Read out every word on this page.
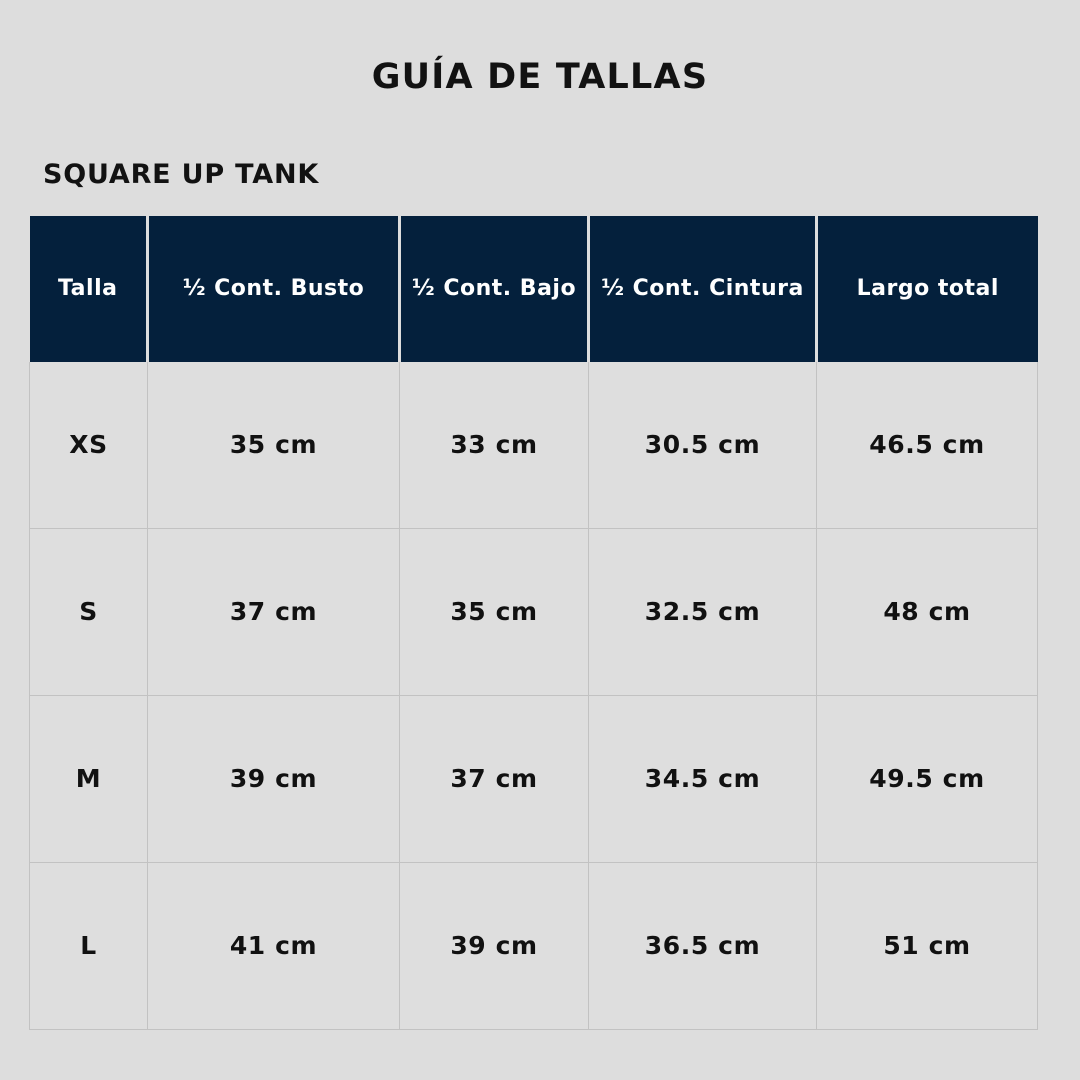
GUÍA DE TALLAS
SQUARE UP TANK
Talla	½ Cont. Busto	½ Cont. Bajo	½ Cont. Cintura	Largo total
XS	35 cm	33 cm	30.5 cm	46.5 cm
S	37 cm	35 cm	32.5 cm	48 cm
M	39 cm	37 cm	34.5 cm	49.5 cm
L	41 cm	39 cm	36.5 cm	51 cm
